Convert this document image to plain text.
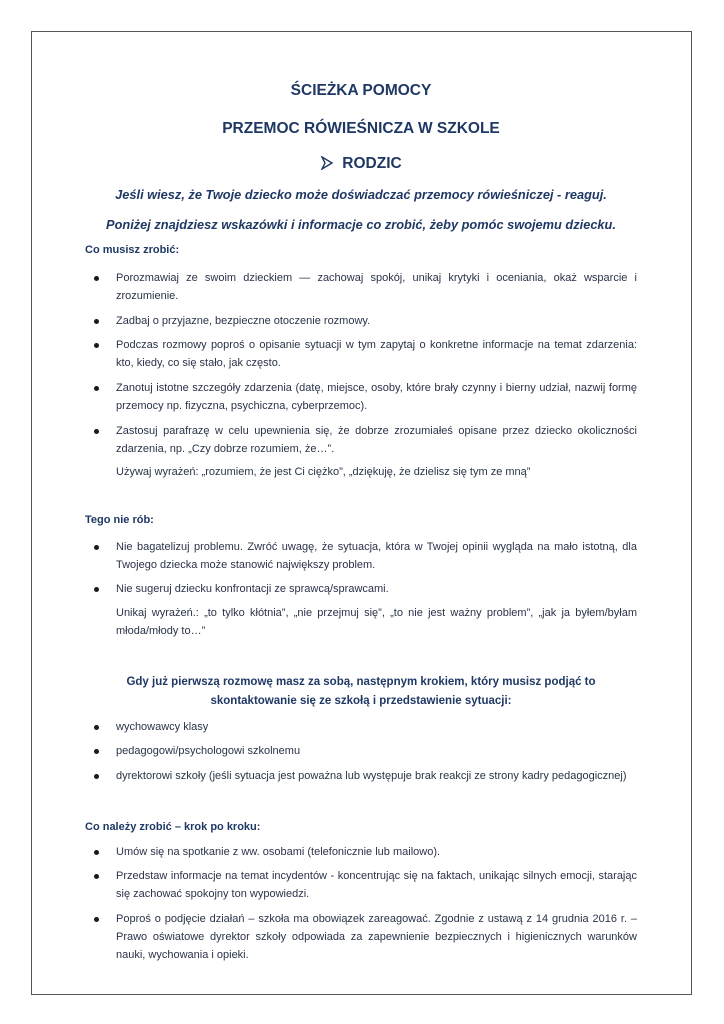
ŚCIEŻKA POMOCY
PRZEMOC RÓWIEŚNICZA W SZKOLE
RODZIC
Jeśli wiesz, że Twoje dziecko może doświadczać przemocy rówieśniczej - reaguj.
Poniżej znajdziesz wskazówki i informacje co zrobić, żeby pomóc swojemu dziecku.
Co musisz zrobić:
Porozmawiaj ze swoim dzieckiem — zachowaj spokój, unikaj krytyki i oceniania, okaż wsparcie i zrozumienie.
Zadbaj o przyjazne, bezpieczne otoczenie rozmowy.
Podczas rozmowy poproś o opisanie sytuacji w tym zapytaj o konkretne informacje na temat zdarzenia: kto, kiedy, co się stało, jak często.
Zanotuj istotne szczegóły zdarzenia (datę, miejsce, osoby, które brały czynny i bierny udział, nazwij formę przemocy np. fizyczna, psychiczna, cyberprzemoc).
Zastosuj parafrazę w celu upewnienia się, że dobrze zrozumiałeś opisane przez dziecko okoliczności zdarzenia, np. „Czy dobrze rozumiem, że…”.
Używaj wyrażeń: „rozumiem, że jest Ci ciężko”, „dziękuję, że dzielisz się tym ze mną”
Tego nie rób:
Nie bagatelizuj problemu. Zwróć uwagę, że sytuacja, która w Twojej opinii wygląda na mało istotną, dla Twojego dziecka może stanowić największy problem.
Nie sugeruj dziecku konfrontacji ze sprawcą/sprawcami.
Unikaj wyrażeń.: „to tylko kłótnia”, „nie przejmuj się”, „to nie jest ważny problem”, „jak ja byłem/byłam młoda/młody to…”
Gdy już pierwszą rozmowę masz za sobą, następnym krokiem, który musisz podjąć to
skontaktowanie się ze szkołą i przedstawienie sytuacji:
wychowawcy klasy
pedagogowi/psychologowi szkolnemu
dyrektorowi szkoły (jeśli sytuacja jest poważna lub występuje brak reakcji ze strony kadry pedagogicznej)
Co należy zrobić – krok po kroku:
Umów się na spotkanie z ww. osobami (telefonicznie lub mailowo).
Przedstaw informacje na temat incydentów - koncentrując się na faktach, unikając silnych emocji, starając się zachować spokojny ton wypowiedzi.
Poproś o podjęcie działań – szkoła ma obowiązek zareagować. Zgodnie z ustawą z 14 grudnia 2016 r. – Prawo oświatowe dyrektor szkoły odpowiada za zapewnienie bezpiecznych i higienicznych warunków nauki, wychowania i opieki.
